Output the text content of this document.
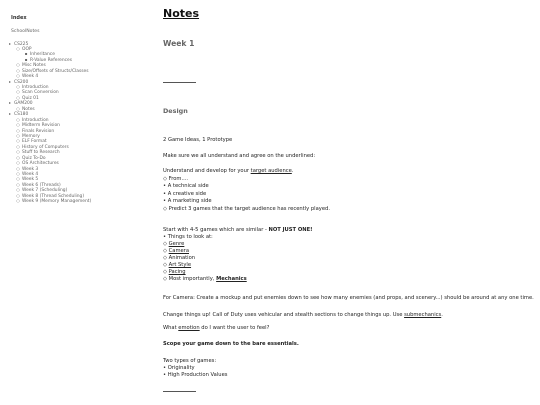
Index
SchoolNotes
▸ CS225
○ OOP
▪ Inheritance
▪ R-Value References
○ Misc Notes
○ Size/Offsets of Structs/Classes
○ Week 4
▸ CS200
○ Introduction
○ Scan Conversion
○ Quiz 01
▸ GAM200
○ Notes
▸ CS180
○ Introduction
○ Midterm Revision
○ Finals Revision
○ Memory
○ ELF Format
○ History of Computers
○ Stuff to Research
○ Quiz To-Do
○ OS Architectures
○ Week 3
○ Week 4
○ Week 5
○ Week 6 (Threads)
○ Week 7 (Scheduling)
○ Week 8 (Thread Scheduling)
○ Week 9 (Memory Management)
Notes
Week 1
Design
2 Game Ideas, 1 Prototype
Make sure we all understand and agree on the underlined:
Understand and develop for your target audience.
◇ From....
• A technical side
• A creative side
• A marketing side
◇ Predict 3 games that the target audience has recently played.
Start with 4-5 games which are similar - NOT JUST ONE!
• Things to look at:
◇ Genre
◇ Camera
◇ Animation
◇ Art Style
◇ Pacing
◇ Most importantly, Mechanics
For Camera: Create a mockup and put enemies down to see how many enemies (and props, and scenery...) should be around at any one time.
Change things up! Call of Duty uses vehicular and stealth sections to change things up. Use submechanics.
What emotion do I want the user to feel?
Scope your game down to the bare essentials.
Two types of games:
• Originality
• High Production Values
